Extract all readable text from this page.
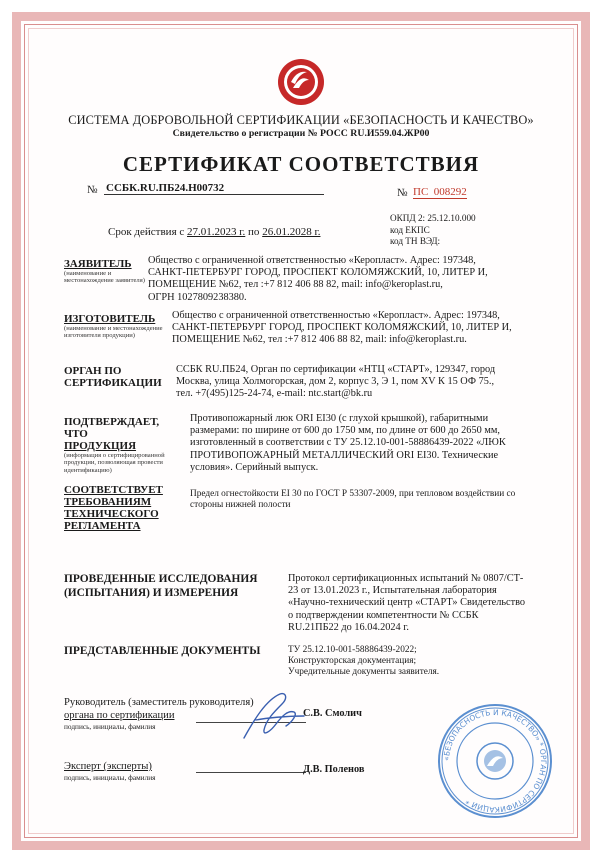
СИСТЕМА ДОБРОВОЛЬНОЙ СЕРТИФИКАЦИИ «БЕЗОПАСНОСТЬ И КАЧЕСТВО»
Свидетельство о регистрации № РОСС RU.И559.04.ЖР00
СЕРТИФИКАТ СООТВЕТСТВИЯ
№ ССБК.RU.ПБ24.Н00732	№ ПС 008292
Срок действия с 27.01.2023 г. по 26.01.2028 г.
ОКПД 2: 25.12.10.000
код ЕКПС
код ТН ВЭД:
ЗАЯВИТЕЛЬ
(наименование и местонахождение заявителя)
Общество с ограниченной ответственностью «Керопласт». Адрес: 197348,
САНКТ-ПЕТЕРБУРГ ГОРОД, ПРОСПЕКТ КОЛОМЯЖСКИЙ, 10, ЛИТЕР И,
ПОМЕЩЕНИЕ №62, тел :+7 812 406 88 82, mail: info@keroplast.ru,
ОГРН 1027809238380.
ИЗГОТОВИТЕЛЬ
(наименование и местонахождение изготовителя продукции)
Общество с ограниченной ответственностью «Керопласт». Адрес: 197348,
САНКТ-ПЕТЕРБУРГ ГОРОД, ПРОСПЕКТ КОЛОМЯЖСКИЙ, 10, ЛИТЕР И,
ПОМЕЩЕНИЕ №62, тел :+7 812 406 88 82, mail: info@keroplast.ru.
ОРГАН ПО
СЕРТИФИКАЦИИ
ССБК RU.ПБ24, Орган по сертификации «НТЦ «СТАРТ», 129347, город
Москва, улица Холмогорская, дом 2, корпус 3, Э 1, пом XV К 15 ОФ 75.,
тел. +7(495)125-24-74, e-mail: ntc.start@bk.ru
ПОДТВЕРЖДАЕТ, ЧТО
ПРОДУКЦИЯ
(информация о сертифицированной продукции, позволяющая провести идентификацию)
Противопожарный люк ORI EI30 (с глухой крышкой), габаритными
размерами: по ширине от 600 до 1750 мм, по длине от 600 до 2650 мм,
изготовленный в соответствии с ТУ 25.12.10-001-58886439-2022 «ЛЮК
ПРОТИВОПОЖАРНЫЙ МЕТАЛЛИЧЕСКИЙ ORI EI30. Технические
условия». Серийный выпуск.
СООТВЕТСТВУЕТ
ТРЕБОВАНИЯМ
ТЕХНИЧЕСКОГО
РЕГЛАМЕНТА
Предел огнестойкости EI 30 по ГОСТ Р 53307-2009, при тепловом воздействии со
стороны нижней полости
ПРОВЕДЕННЫЕ ИССЛЕДОВАНИЯ
(ИСПЫТАНИЯ) И ИЗМЕРЕНИЯ
Протокол сертификационных испытаний № 0807/СТ-
23 от 13.01.2023 г., Испытательная лаборатория
«Научно-технический центр «СТАРТ» Свидетельство
о подтверждении компетентности № ССБК
RU.21ПБ22 до 16.04.2024 г.
ПРЕДСТАВЛЕННЫЕ ДОКУМЕНТЫ	ТУ 25.12.10-001-58886439-2022;
Конструкторская документация;
Учредительные документы заявителя.
Руководитель (заместитель руководителя)
органа по сертификации
подпись, инициалы, фамилия
С.В. Смолич
Эксперт (эксперты)
подпись, инициалы, фамилия
Д.В. Поленов
«БЕЗОПАСНОСТЬ И КАЧЕСТВО» * ОРГАН ПО СЕРТИФИКАЦИИ *
